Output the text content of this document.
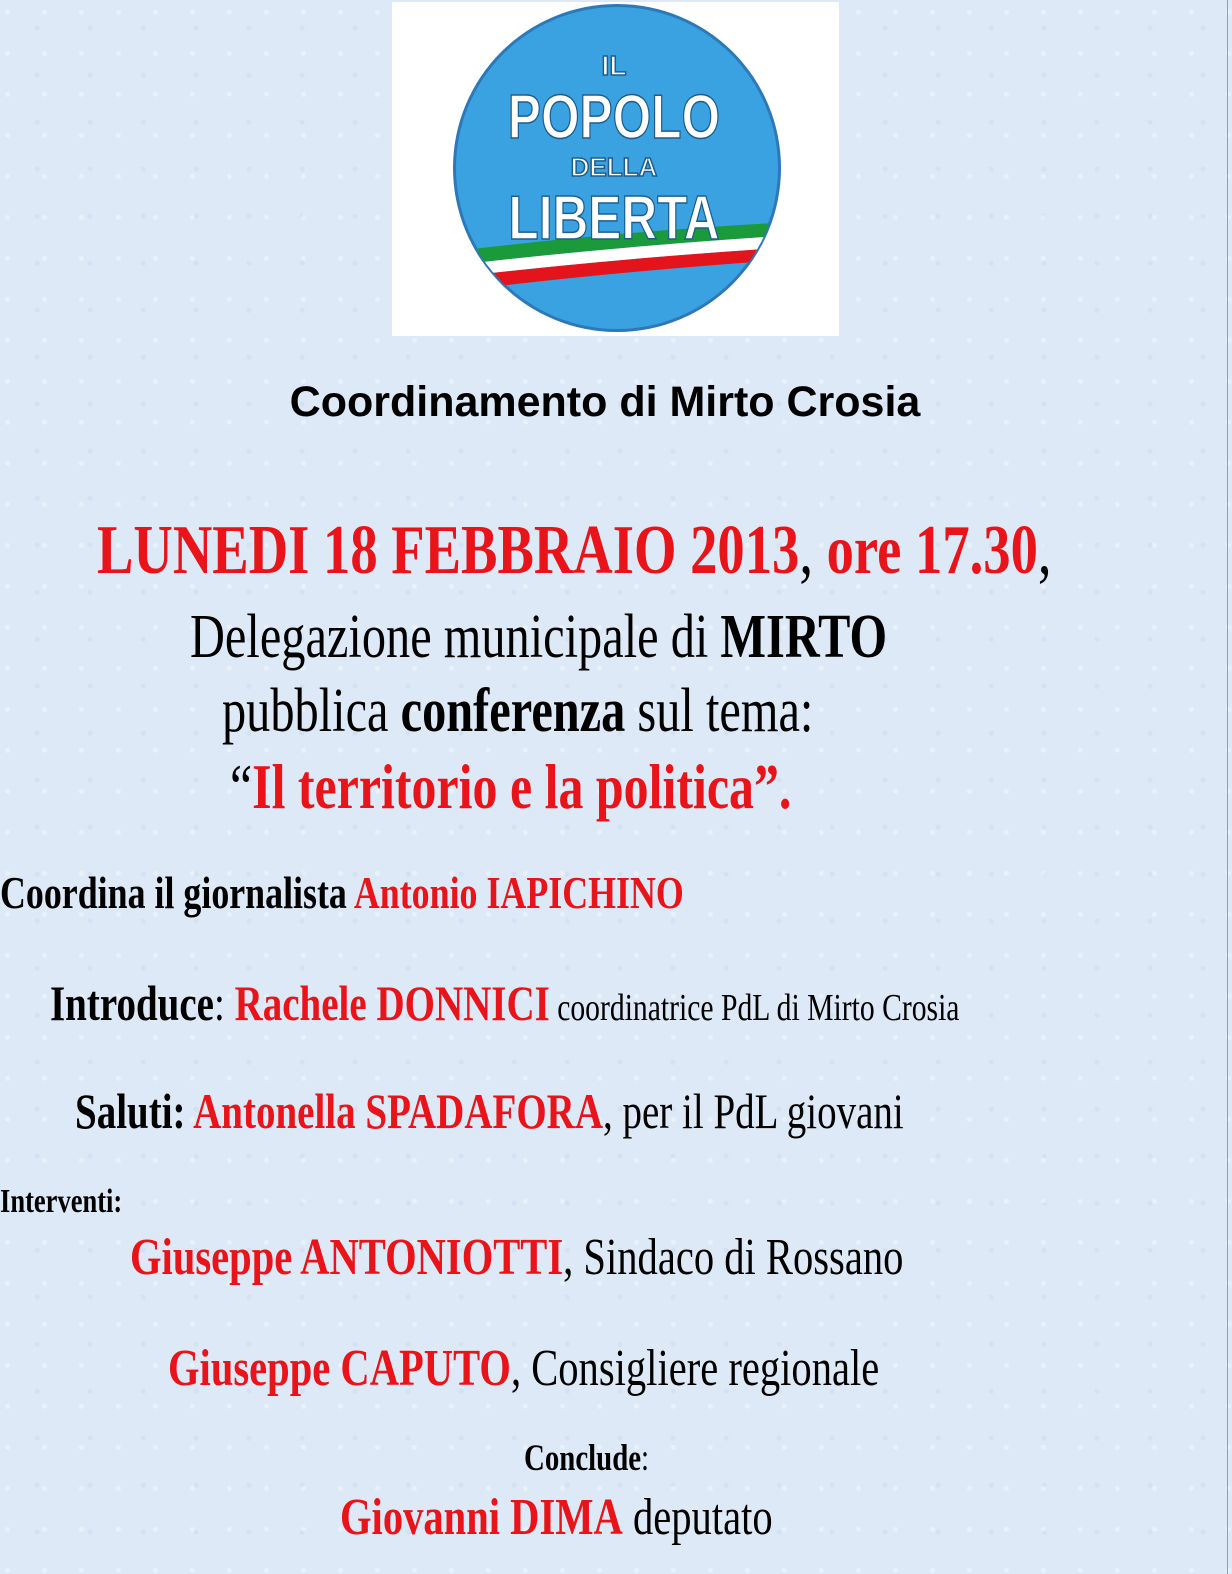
IL
POPOLO
DELLA
LIBERTA
Coordinamento di Mirto Crosia
LUNEDI 18 FEBBRAIO 2013, ore 17.30,
Delegazione municipale di MIRTO
pubblica conferenza sul tema:
“Il territorio e la politica”.
Coordina il giornalista Antonio IAPICHINO
Introduce: Rachele DONNICI coordinatrice PdL di Mirto Crosia
Saluti: Antonella SPADAFORA, per il PdL giovani
Interventi:
Giuseppe ANTONIOTTI, Sindaco di Rossano
Giuseppe CAPUTO, Consigliere regionale
Conclude:
Giovanni DIMA deputato
